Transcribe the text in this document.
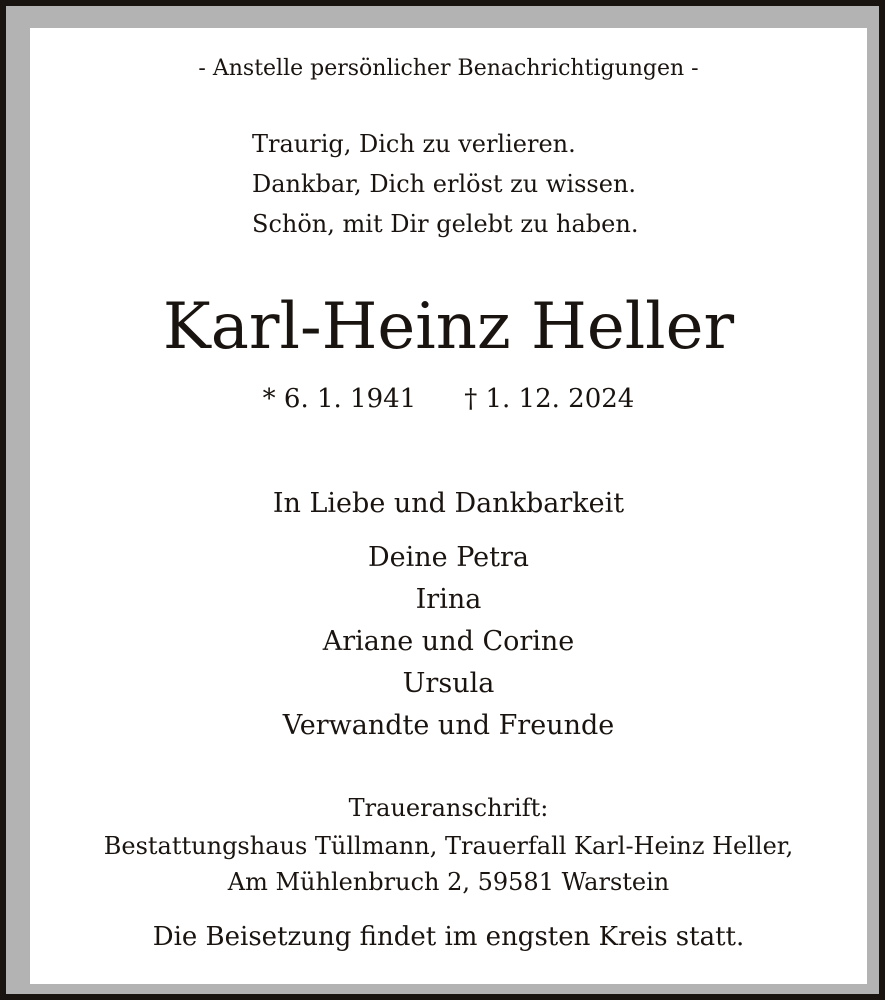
- Anstelle persönlicher Benachrichtigungen -

Traurig, Dich zu verlieren.
Dankbar, Dich erlöst zu wissen.
Schön, mit Dir gelebt zu haben.
Karl-Heinz Heller
* 6. 1. 1941 † 1. 12. 2024

In Liebe und Dankbarkeit

Deine Petra

Irina

Ariane und Corine

Ursula

Verwandte und Freunde

Traueranschrift:

Bestattungshaus Tüllmann, Trauerfall Karl-Heinz Heller,

Am Mühlenbruch 2, 59581 Warstein

Die Beisetzung findet im engsten Kreis statt.
